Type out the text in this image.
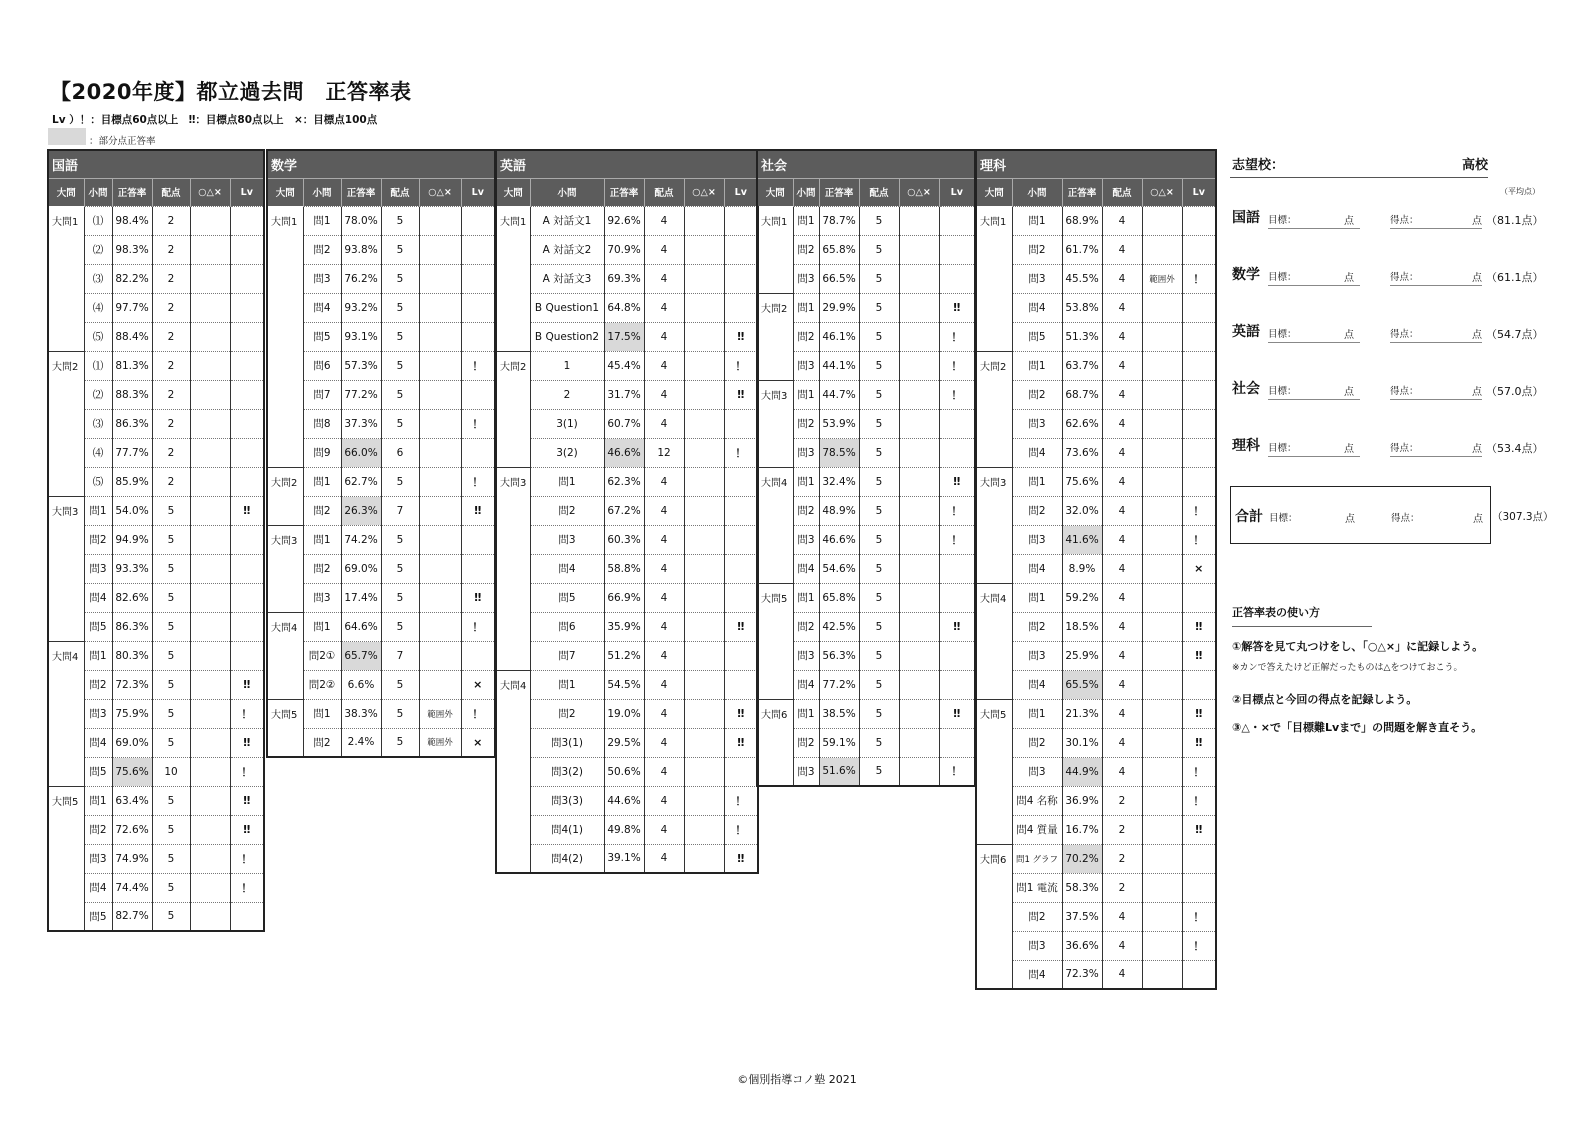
【2020年度】都立過去問　正答率表
Lv ）！：目標点60点以上　‼：目標点80点以上　×：目標点100点
：部分点正答率
国語					
大問	小問	正答率	配点	○△×	Lv
大問1	⑴	98.4%	2		
	⑵	98.3%	2		
	⑶	82.2%	2		
	⑷	97.7%	2		
	⑸	88.4%	2		
大問2	⑴	81.3%	2		
	⑵	88.3%	2		
	⑶	86.3%	2		
	⑷	77.7%	2		
	⑸	85.9%	2		
大問3	問1	54.0%	5		‼
	問2	94.9%	5		
	問3	93.3%	5		
	問4	82.6%	5		
	問5	86.3%	5		
大問4	問1	80.3%	5		
	問2	72.3%	5		‼
	問3	75.9%	5		！
	問4	69.0%	5		‼
	問5	75.6%	10		！
大問5	問1	63.4%	5		‼
	問2	72.6%	5		‼
	問3	74.9%	5		！
	問4	74.4%	5		！
	問5	82.7%	5		
数学					
大問	小問	正答率	配点	○△×	Lv
大問1	問1	78.0%	5		
	問2	93.8%	5		
	問3	76.2%	5		
	問4	93.2%	5		
	問5	93.1%	5		
	問6	57.3%	5		！
	問7	77.2%	5		
	問8	37.3%	5		！
	問9	66.0%	6		
大問2	問1	62.7%	5		！
	問2	26.3%	7		‼
大問3	問1	74.2%	5		
	問2	69.0%	5		
	問3	17.4%	5		‼
大問4	問1	64.6%	5		！
	問2①	65.7%	7		
	問2②	6.6%	5		×
大問5	問1	38.3%	5	範囲外	！
	問2	2.4%	5	範囲外	×
英語					
大問	小問	正答率	配点	○△×	Lv
大問1	A 対話文1	92.6%	4		
	A 対話文2	70.9%	4		
	A 対話文3	69.3%	4		
	B Question1	64.8%	4		
	B Question2	17.5%	4		‼
大問2	1	45.4%	4		！
	2	31.7%	4		‼
	3(1)	60.7%	4		
	3(2)	46.6%	12		！
大問3	問1	62.3%	4		
	問2	67.2%	4		
	問3	60.3%	4		
	問4	58.8%	4		
	問5	66.9%	4		
	問6	35.9%	4		‼
	問7	51.2%	4		
大問4	問1	54.5%	4		
	問2	19.0%	4		‼
	問3(1)	29.5%	4		‼
	問3(2)	50.6%	4		
	問3(3)	44.6%	4		！
	問4(1)	49.8%	4		！
	問4(2)	39.1%	4		‼
社会					
大問	小問	正答率	配点	○△×	Lv
大問1	問1	78.7%	5		
	問2	65.8%	5		
	問3	66.5%	5		
大問2	問1	29.9%	5		‼
	問2	46.1%	5		！
	問3	44.1%	5		！
大問3	問1	44.7%	5		！
	問2	53.9%	5		
	問3	78.5%	5		
大問4	問1	32.4%	5		‼
	問2	48.9%	5		！
	問3	46.6%	5		！
	問4	54.6%	5		
大問5	問1	65.8%	5		
	問2	42.5%	5		‼
	問3	56.3%	5		
	問4	77.2%	5		
大問6	問1	38.5%	5		‼
	問2	59.1%	5		
	問3	51.6%	5		！
理科					
大問	小問	正答率	配点	○△×	Lv
大問1	問1	68.9%	4		
	問2	61.7%	4		
	問3	45.5%	4	範囲外	！
	問4	53.8%	4		
	問5	51.3%	4		
大問2	問1	63.7%	4		
	問2	68.7%	4		
	問3	62.6%	4		
	問4	73.6%	4		
大問3	問1	75.6%	4		
	問2	32.0%	4		！
	問3	41.6%	4		！
	問4	8.9%	4		×
大問4	問1	59.2%	4		
	問2	18.5%	4		‼
	問3	25.9%	4		‼
	問4	65.5%	4		
大問5	問1	21.3%	4		‼
	問2	30.1%	4		‼
	問3	44.9%	4		！
	問4 名称	36.9%	2		！
	問4 質量	16.7%	2		‼
大問6	問1 グラフ	70.2%	2		
	問1 電流	58.3%	2		
	問2	37.5%	4		！
	問3	36.6%	4		！
	問4	72.3%	4		
志望校：	高校
（平均点）
国語 目標：	点	得点：	点 （81.1点）
数学 目標：	点	得点：	点 （61.1点）
英語 目標：	点	得点：	点 （54.7点）
社会 目標：	点	得点：	点 （57.0点）
理科 目標：	点	得点：	点 （53.4点）
合計 目標：	点	得点：	点 （307.3点）
正答率表の使い方
①解答を見て丸つけをし、「○△×」に記録しよう。
※カンで答えたけど正解だったものは△をつけておこう。
②目標点と今回の得点を記録しよう。
③△・×で「目標難Lvまで」の問題を解き直そう。
©個別指導コノ塾 2021
